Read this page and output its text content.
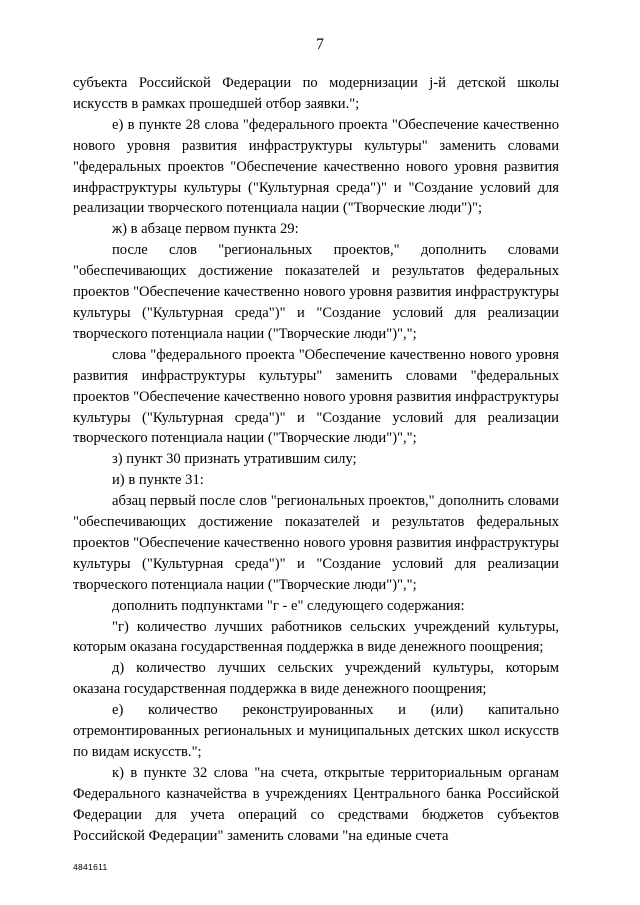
7

субъекта Российской Федерации по модернизации j-й детской школы искусств в рамках прошедшей отбор заявки.";

е) в пункте 28 слова "федерального проекта "Обеспечение качественно нового уровня развития инфраструктуры культуры" заменить словами "федеральных проектов "Обеспечение качественно нового уровня развития инфраструктуры культуры ("Культурная среда")" и "Создание условий для реализации творческого потенциала нации ("Творческие люди")";

ж) в абзаце первом пункта 29:

после слов "региональных проектов," дополнить словами "обеспечивающих достижение показателей и результатов федеральных проектов "Обеспечение качественно нового уровня развития инфраструктуры культуры ("Культурная среда")" и "Создание условий для реализации творческого потенциала нации ("Творческие люди")",";

слова "федерального проекта "Обеспечение качественно нового уровня развития инфраструктуры культуры" заменить словами "федеральных проектов "Обеспечение качественно нового уровня развития инфраструктуры культуры ("Культурная среда")" и "Создание условий для реализации творческого потенциала нации ("Творческие люди")",";

з) пункт 30 признать утратившим силу;

и) в пункте 31:

абзац первый после слов "региональных проектов," дополнить словами "обеспечивающих достижение показателей и результатов федеральных проектов "Обеспечение качественно нового уровня развития инфраструктуры культуры ("Культурная среда")" и "Создание условий для реализации творческого потенциала нации ("Творческие люди")",";

дополнить подпунктами "г - е" следующего содержания:

"г) количество лучших работников сельских учреждений культуры, которым оказана государственная поддержка в виде денежного поощрения;

д) количество лучших сельских учреждений культуры, которым оказана государственная поддержка в виде денежного поощрения;

е) количество реконструированных и (или) капитально отремонтированных региональных и муниципальных детских школ искусств по видам искусств.";

к) в пункте 32 слова "на счета, открытые территориальным органам Федерального казначейства в учреждениях Центрального банка Российской Федерации для учета операций со средствами бюджетов субъектов Российской Федерации" заменить словами "на единые счета

4841611
